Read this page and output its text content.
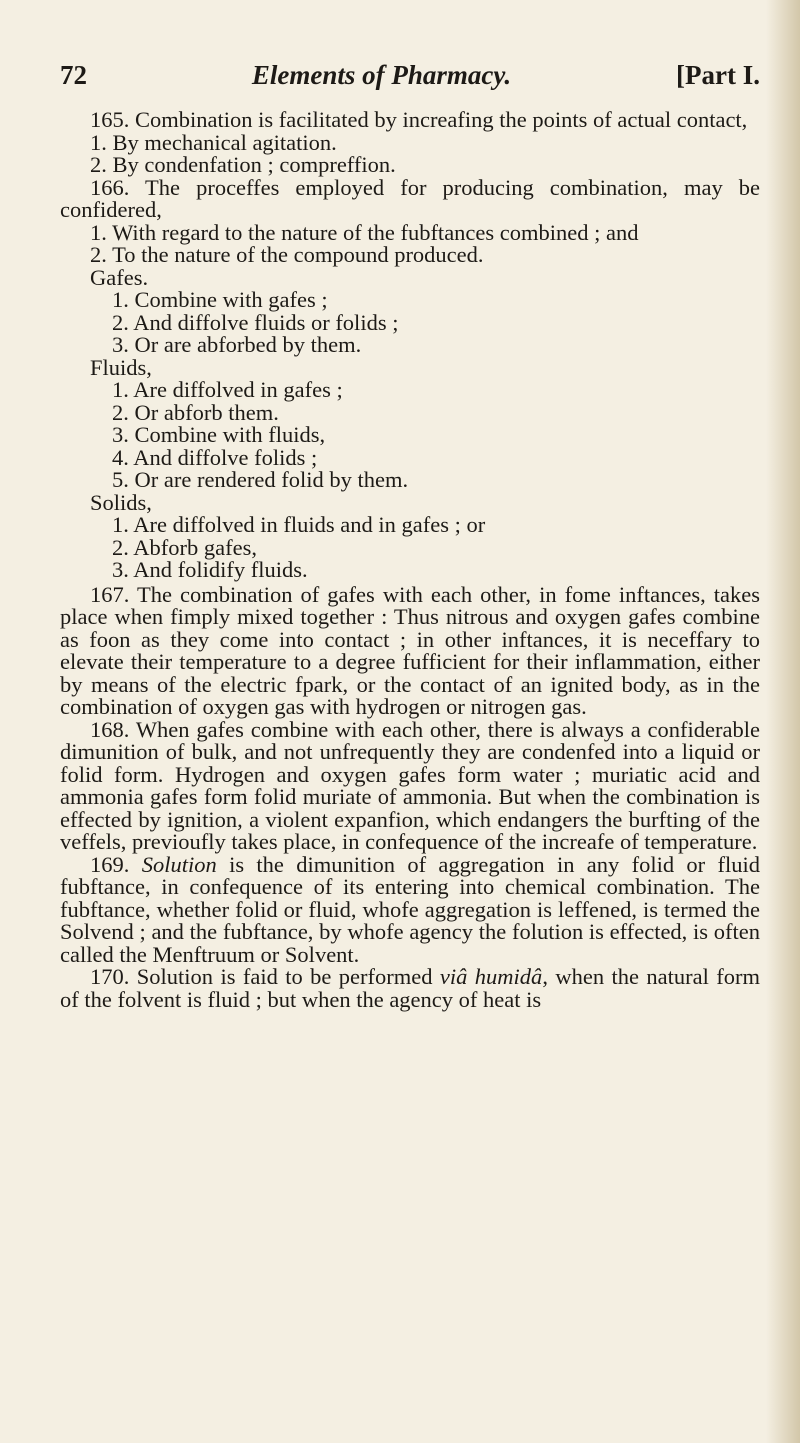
72	Elements of Pharmacy.	[Part I.

165. Combination is facilitated by increafing the points of actual contact,

1. By mechanical agitation.

2. By condenfation ; compreffion.

166. The proceffes employed for producing combination, may be confidered,

1. With regard to the nature of the fubftances combined ; and

2. To the nature of the compound produced.

Gafes.

1. Combine with gafes ;

2. And diffolve fluids or folids ;

3. Or are abforbed by them.

Fluids,

1. Are diffolved in gafes ;

2. Or abforb them.

3. Combine with fluids,

4. And diffolve folids ;

5. Or are rendered folid by them.

Solids,

1. Are diffolved in fluids and in gafes ; or

2. Abforb gafes,

3. And folidify fluids.

167. The combination of gafes with each other, in fome inftances, takes place when fimply mixed together : Thus nitrous and oxygen gafes combine as foon as they come into contact ; in other inftances, it is neceffary to elevate their temperature to a degree fufficient for their inflammation, either by means of the electric fpark, or the contact of an ignited body, as in the combination of oxygen gas with hydrogen or nitrogen gas.

168. When gafes combine with each other, there is always a confiderable dimunition of bulk, and not unfrequently they are condenfed into a liquid or folid form. Hydrogen and oxygen gafes form water ; muriatic acid and ammonia gafes form folid muriate of ammonia. But when the combination is effected by ignition, a violent expanfion, which endangers the burfting of the veffels, previoufly takes place, in confequence of the increafe of temperature.

169. Solution is the dimunition of aggregation in any folid or fluid fubftance, in confequence of its entering into chemical combination. The fubftance, whether folid or fluid, whofe aggregation is leffened, is termed the Solvend ; and the fubftance, by whofe agency the folution is effected, is often called the Menftruum or Solvent.

170. Solution is faid to be performed viâ humidâ, when the natural form of the folvent is fluid ; but when the agency of heat is
